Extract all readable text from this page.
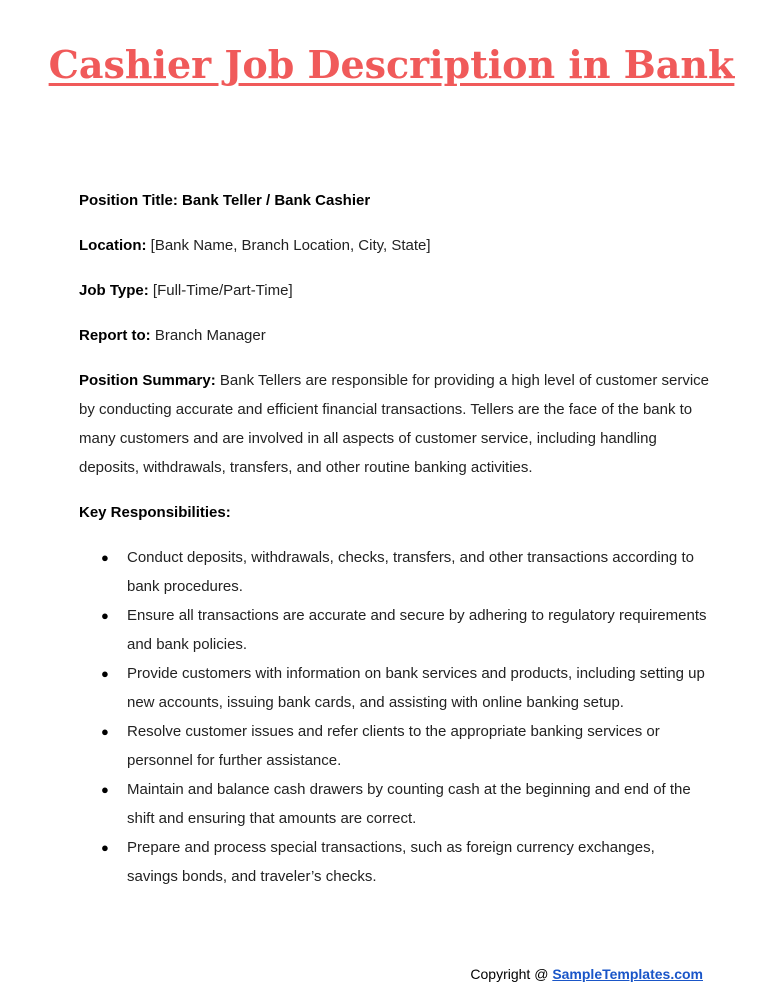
Cashier Job Description in Bank

Position Title: Bank Teller / Bank Cashier

Location: [Bank Name, Branch Location, City, State]

Job Type: [Full-Time/Part-Time]

Report to: Branch Manager

Position Summary: Bank Tellers are responsible for providing a high level of customer service by conducting accurate and efficient financial transactions. Tellers are the face of the bank to many customers and are involved in all aspects of customer service, including handling deposits, withdrawals, transfers, and other routine banking activities.

Key Responsibilities:

● Conduct deposits, withdrawals, checks, transfers, and other transactions according to bank procedures.
● Ensure all transactions are accurate and secure by adhering to regulatory requirements and bank policies.
● Provide customers with information on bank services and products, including setting up new accounts, issuing bank cards, and assisting with online banking setup.
● Resolve customer issues and refer clients to the appropriate banking services or personnel for further assistance.
● Maintain and balance cash drawers by counting cash at the beginning and end of the shift and ensuring that amounts are correct.
● Prepare and process special transactions, such as foreign currency exchanges, savings bonds, and traveler’s checks.
Copyright @ SampleTemplates.com
